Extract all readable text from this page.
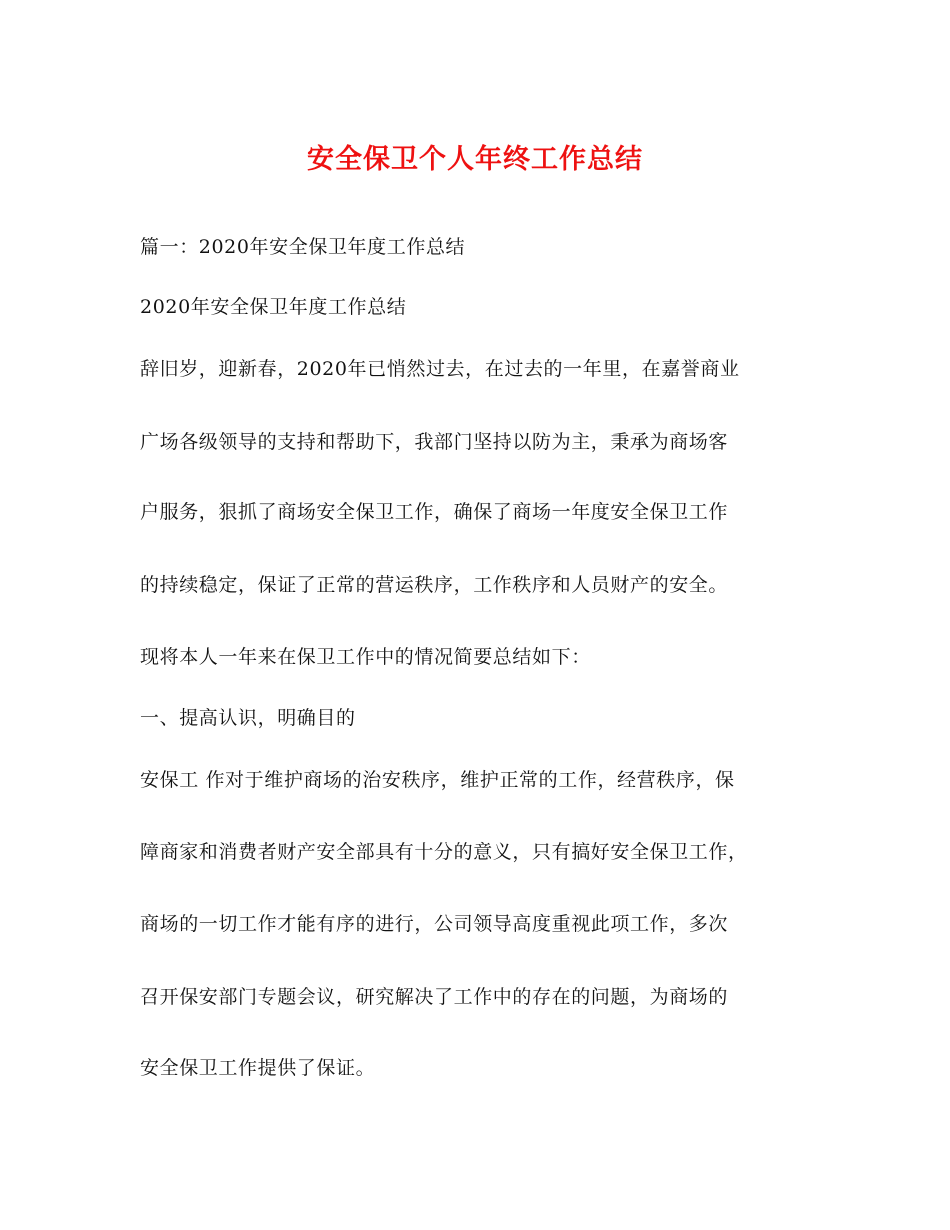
安全保卫个人年终工作总结
篇一：2020年安全保卫年度工作总结
2020年安全保卫年度工作总结
辞旧岁，迎新春，2020年已悄然过去，在过去的一年里，在嘉誉商业
广场各级领导的支持和帮助下，我部门坚持以防为主，秉承为商场客
户服务，狠抓了商场安全保卫工作，确保了商场一年度安全保卫工作
的持续稳定，保证了正常的营运秩序，工作秩序和人员财产的安全。
现将本人一年来在保卫工作中的情况简要总结如下：
一、提高认识，明确目的
安保工 作对于维护商场的治安秩序，维护正常的工作，经营秩序，保
障商家和消费者财产安全部具有十分的意义，只有搞好安全保卫工作，
商场的一切工作才能有序的进行，公司领导高度重视此项工作，多次
召开保安部门专题会议，研究解决了工作中的存在的问题，为商场的
安全保卫工作提供了保证。
